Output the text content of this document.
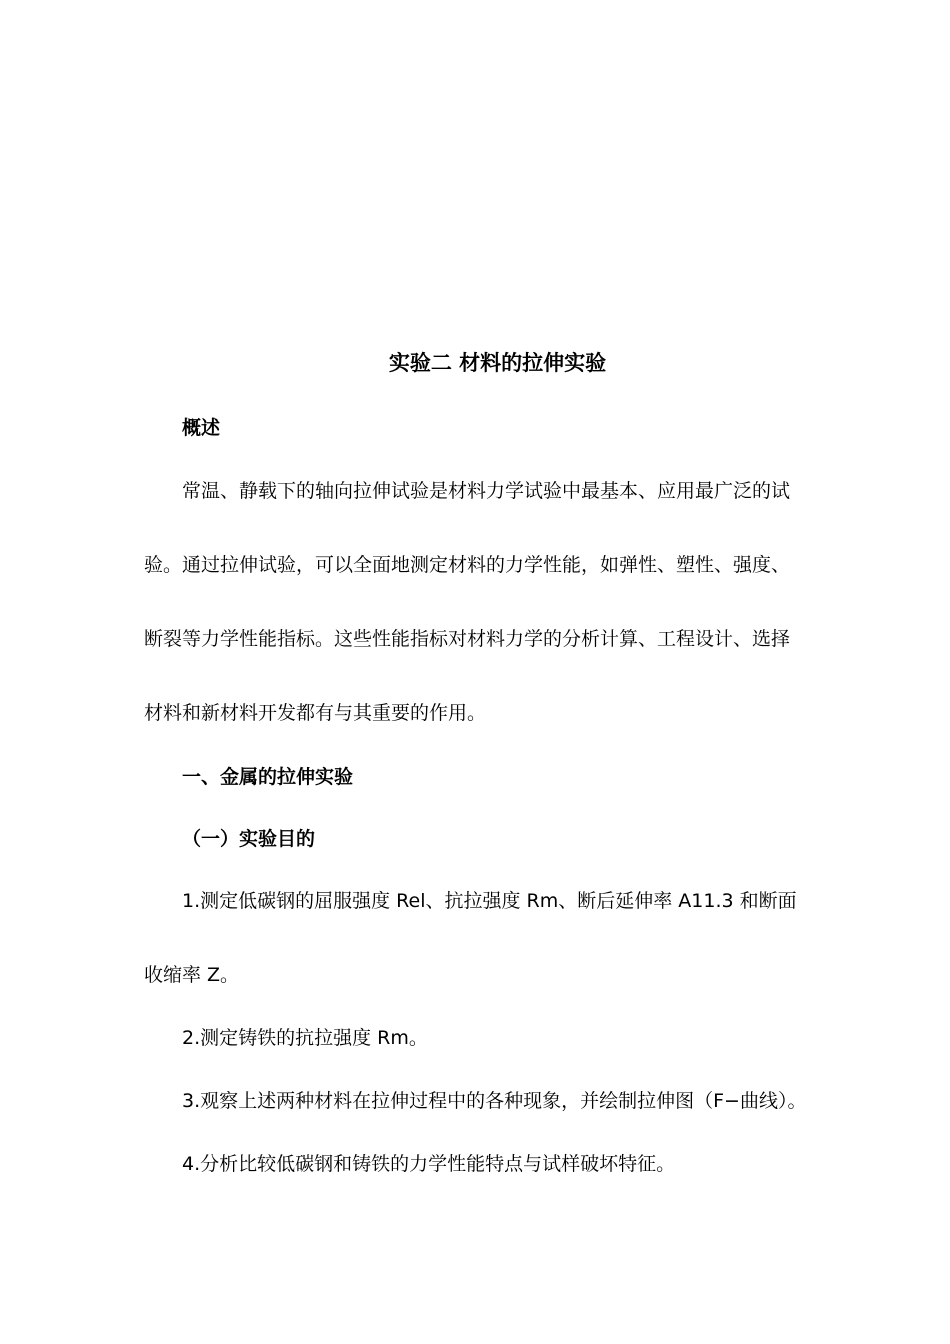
实验二 材料的拉伸实验
概述
常温、静载下的轴向拉伸试验是材料力学试验中最基本、应用最广泛的试
验。通过拉伸试验，可以全面地测定材料的力学性能，如弹性、塑性、强度、
断裂等力学性能指标。这些性能指标对材料力学的分析计算、工程设计、选择
材料和新材料开发都有与其重要的作用。
一、金属的拉伸实验
（一）实验目的
1.测定低碳钢的屈服强度 Rel、抗拉强度 Rm、断后延伸率 A11.3 和断面
收缩率 Z。
2.测定铸铁的抗拉强度 Rm。
3.观察上述两种材料在拉伸过程中的各种现象，并绘制拉伸图（F−曲线）。
4.分析比较低碳钢和铸铁的力学性能特点与试样破坏特征。
